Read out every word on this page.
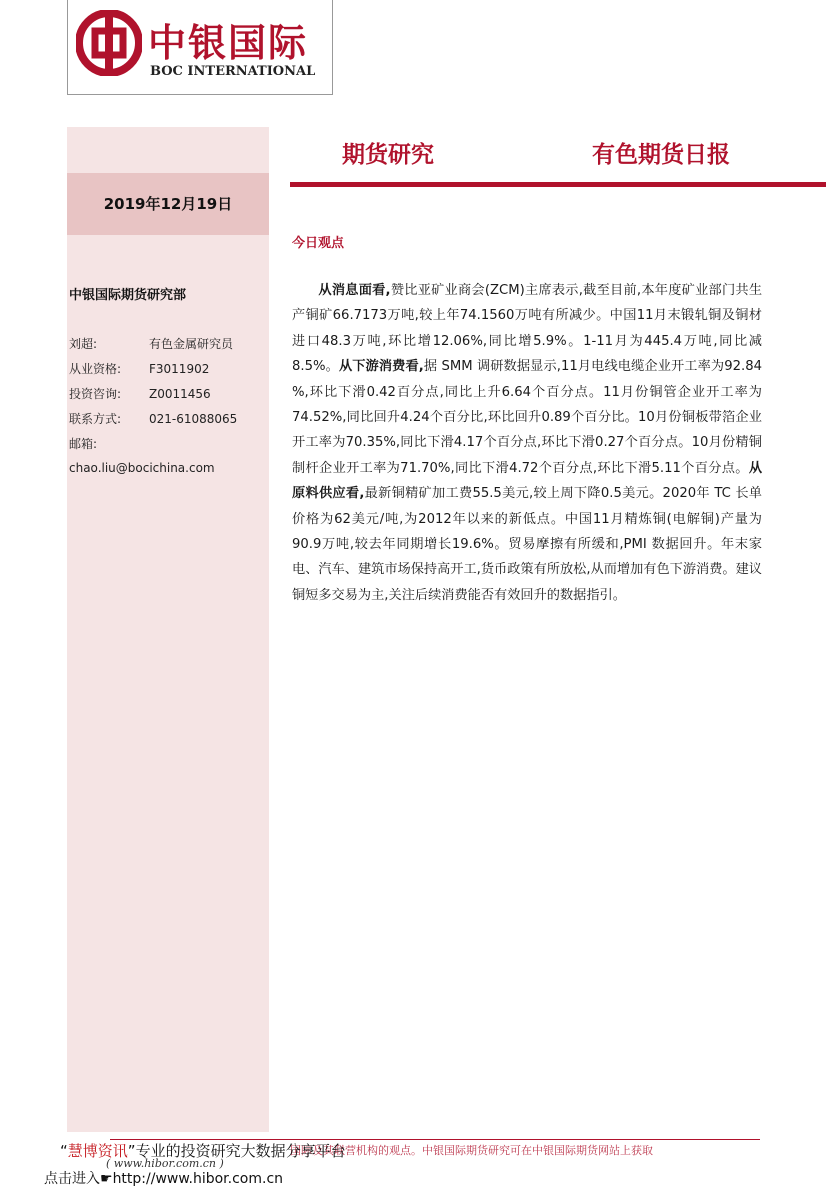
中银国际
BOC INTERNATIONAL
2019年12月19日
中银国际期货研究部
刘超:	有色金属研究员
从业资格: F3011902
投资咨询: Z0011456
联系方式: 021-61088065
邮箱:
chao.liu@bocichina.com
期货研究	有色期货日报
今日观点

从消息面看,赞比亚矿业商会(ZCM)主席表示,截至目前,本年度矿业部门共生产铜矿66.7173万吨,较上年74.1560万吨有所减少。中国11月末锻轧铜及铜材进口48.3万吨,环比增12.06%,同比增5.9%。1-11月为445.4万吨,同比减8.5%。从下游消费看,据 SMM 调研数据显示,11月电线电缆企业开工率为92.84 %,环比下滑0.42百分点,同比上升6.64个百分点。11月份铜管企业开工率为74.52%,同比回升4.24个百分比,环比回升0.89个百分比。10月份铜板带箔企业开工率为70.35%,同比下滑4.17个百分点,环比下滑0.27个百分点。10月份精铜制杆企业开工率为71.70%,同比下滑4.72个百分点,环比下滑5.11个百分点。从原料供应看,最新铜精矿加工费55.5美元,较上周下降0.5美元。2020年 TC 长单价格为62美元/吨,为2012年以来的新低点。中国11月精炼铜(电解铜)产量为90.9万吨,较去年同期增长19.6%。贸易摩擦有所缓和,PMI 数据回升。年末家电、汽车、建筑市场保持高开工,货币政策有所放松,从而增加有色下游消费。建议铜短多交易为主,关注后续消费能否有效回升的数据指引。

国际及其联营机构的观点。中银国际期货研究可在中银国际期货网站上获取
“慧博资讯”专业的投资研究大数据分享平台
( www.hibor.com.cn )
点击进入☛http://www.hibor.com.cn
